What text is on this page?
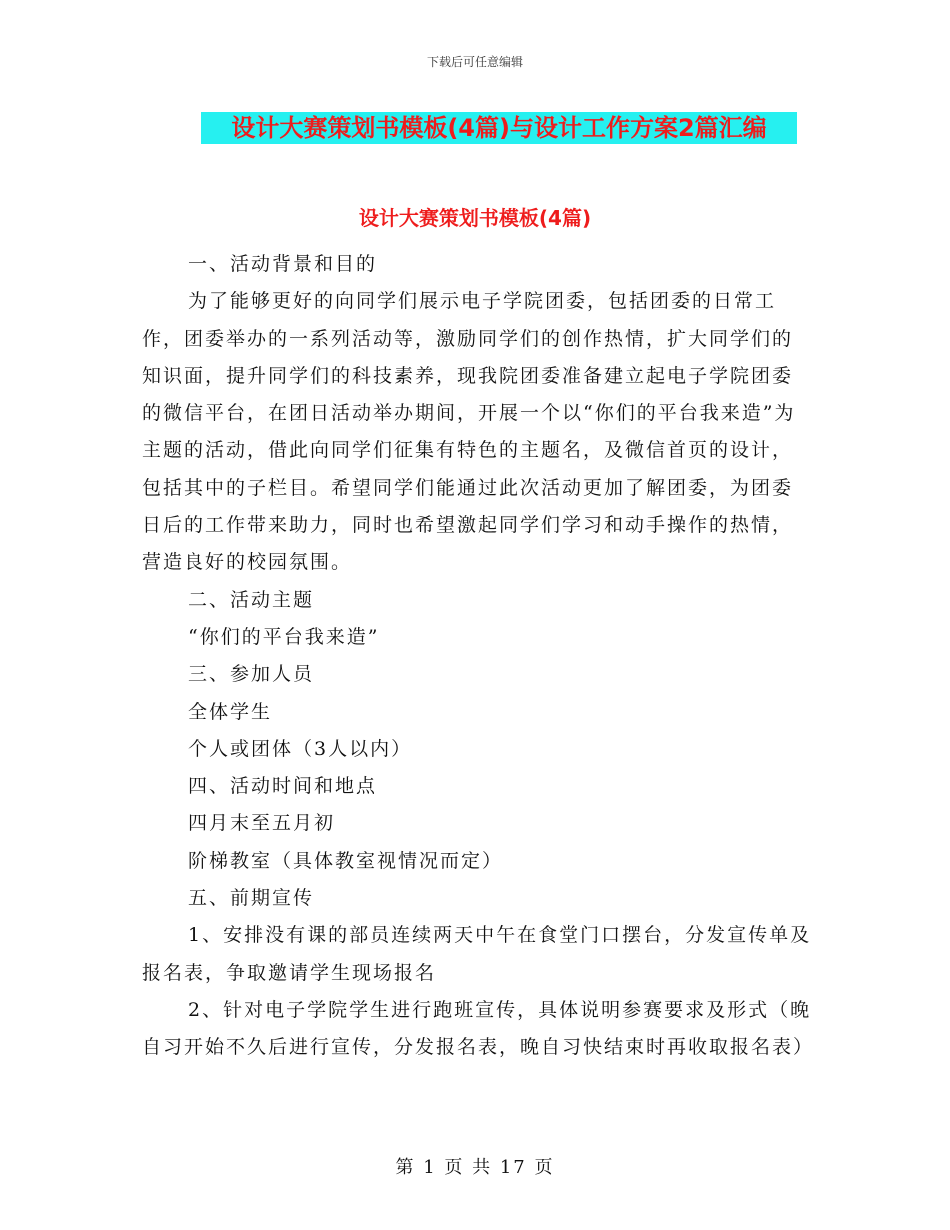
下载后可任意编辑
设计大赛策划书模板(4篇)与设计工作方案2篇汇编
设计大赛策划书模板(4篇)

一、活动背景和目的

为了能够更好的向同学们展示电子学院团委，包括团委的日常工作，团委举办的一系列活动等，激励同学们的创作热情，扩大同学们的知识面，提升同学们的科技素养，现我院团委准备建立起电子学院团委的微信平台，在团日活动举办期间，开展一个以“你们的平台我来造”为主题的活动，借此向同学们征集有特色的主题名，及微信首页的设计，包括其中的子栏目。希望同学们能通过此次活动更加了解团委，为团委日后的工作带来助力，同时也希望激起同学们学习和动手操作的热情，营造良好的校园氛围。

二、活动主题

“你们的平台我来造”

三、参加人员

全体学生

个人或团体（3人以内）

四、活动时间和地点

四月末至五月初

阶梯教室（具体教室视情况而定）

五、前期宣传

1、安排没有课的部员连续两天中午在食堂门口摆台，分发宣传单及报名表，争取邀请学生现场报名

2、针对电子学院学生进行跑班宣传，具体说明参赛要求及形式（晚自习开始不久后进行宣传，分发报名表，晚自习快结束时再收取报名表）

第 1 页 共 17 页
